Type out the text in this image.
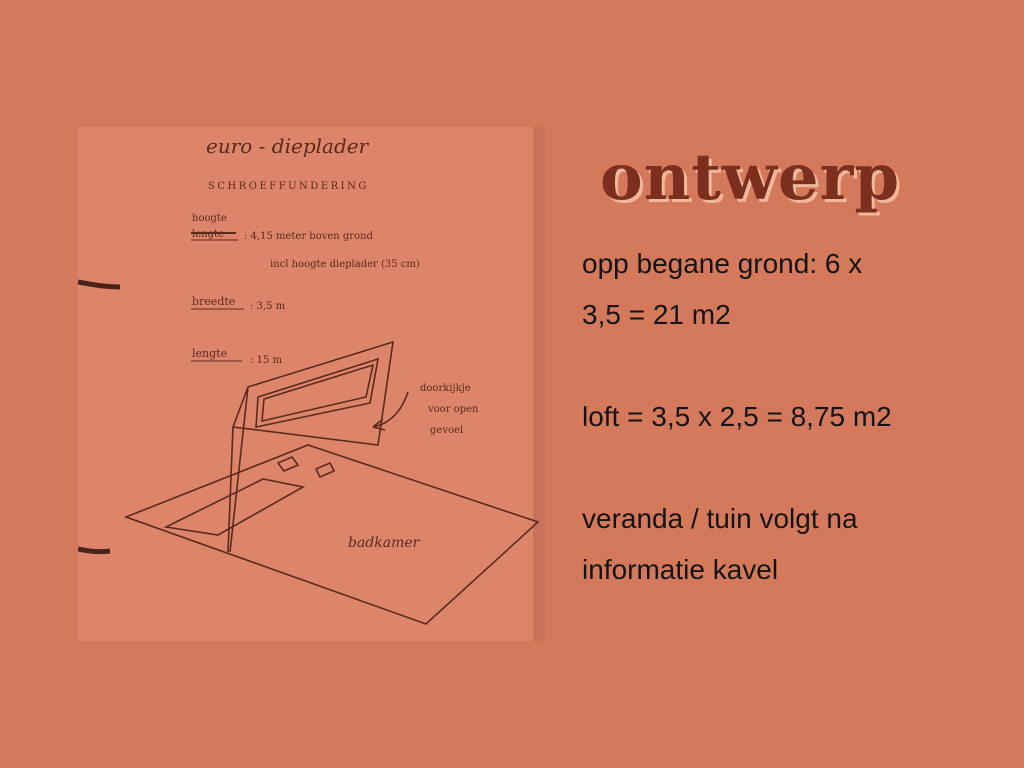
euro - dieplader
SCHROEFFUNDERING
hoogte
lengte : 4,15 meter boven grond
incl hoogte dieplader (35 cm)
breedte : 3,5 m
lengte
: 15 m
doorkijkje
voor open
gevoel
badkamer
ontwerp

opp begane grond: 6 x

3,5 = 21 m2

loft = 3,5 x 2,5 = 8,75 m2

veranda / tuin volgt na

informatie kavel
